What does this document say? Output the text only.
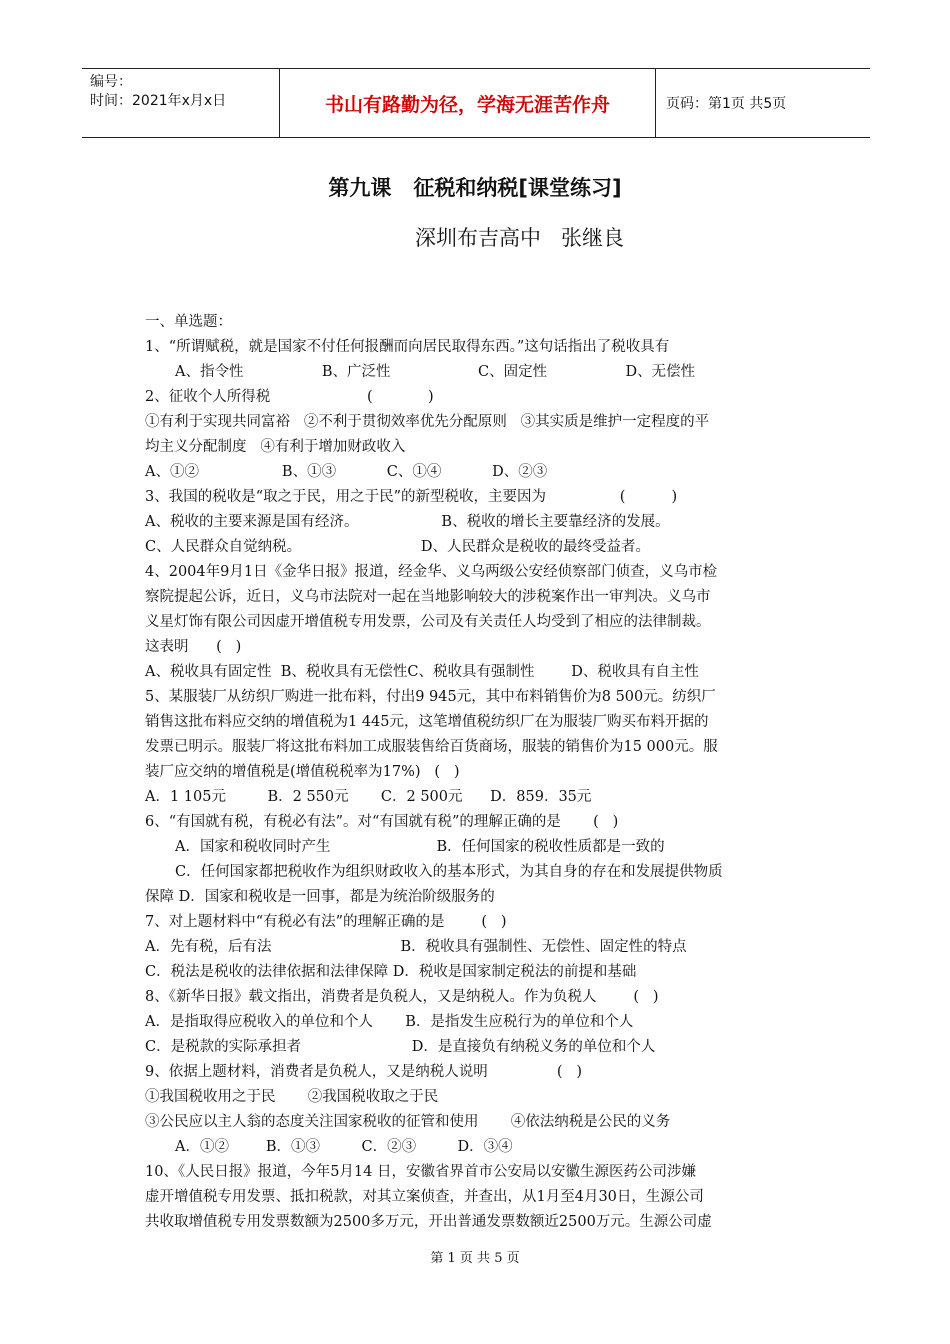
编号：
时间：2021年x月x日	书山有路勤为径，学海无涯苦作舟	页码：第1页 共5页
第九课   征税和纳税[课堂练习]
深圳布吉高中   张继良
一、单选题：
1、“所谓赋税，就是国家不付任何报酬而向居民取得东西。”这句话指出了税收具有
A、指令性                 B、广泛性                   C、固定性                 D、无偿性
2、征收个人所得税                     (            )
①有利于实现共同富裕   ②不利于贯彻效率优先分配原则   ③其实质是维护一定程度的平
均主义分配制度   ④有利于增加财政收入
A、①②                  B、①③           C、①④           D、②③
3、我国的税收是“取之于民，用之于民”的新型税收，主要因为                (          )
A、税收的主要来源是国有经济。                  B、税收的增长主要靠经济的发展。
C、人民群众自觉纳税。                          D、人民群众是税收的最终受益者。
4、2004年9月1日《金华日报》报道，经金华、义乌两级公安经侦察部门侦查，义乌市检
察院提起公诉，近日，义乌市法院对一起在当地影响较大的涉税案作出一审判决。义乌市
义星灯饰有限公司因虚开增值税专用发票，公司及有关责任人均受到了相应的法律制裁。
这表明      (   )
A、税收具有固定性  B、税收具有无偿性C、税收具有强制性        D、税收具有自主性
5、某服装厂从纺织厂购进一批布料，付出9 945元，其中布料销售价为8 500元。纺织厂
销售这批布料应交纳的增值税为1 445元，这笔增值税纺织厂在为服装厂购买布料开据的
发票已明示。服装厂将这批布料加工成服装售给百货商场，服装的销售价为15 000元。服
装厂应交纳的增值税是(增值税税率为17%)   (   )
A．1 105元         B．2 550元       C．2 500元      D．859．35元
6、“有国就有税，有税必有法”。对“有国就有税”的理解正确的是       (   )
A．国家和税收同时产生                       B．任何国家的税收性质都是一致的
C．任何国家都把税收作为组织财政收入的基本形式，为其自身的存在和发展提供物质
保障 D．国家和税收是一回事，都是为统治阶级服务的
7、对上题材料中“有税必有法”的理解正确的是        (   )
A．先有税，后有法                            B．税收具有强制性、无偿性、固定性的特点
C．税法是税收的法律依据和法律保障 D．税收是国家制定税法的前提和基础
8、《新华日报》载文指出，消费者是负税人，又是纳税人。作为负税人        (   )
A．是指取得应税收入的单位和个人       B．是指发生应税行为的单位和个人
C．是税款的实际承担者                        D．是直接负有纳税义务的单位和个人
9、依据上题材料，消费者是负税人，又是纳税人说明               (   )
①我国税收用之于民       ②我国税收取之于民
③公民应以主人翁的态度关注国家税收的征管和使用       ④依法纳税是公民的义务
A．①②        B．①③         C．②③         D．③④
10、《人民日报》报道，今年5月14 日，安徽省界首市公安局以安徽生源医药公司涉嫌
虚开增值税专用发票、抵扣税款，对其立案侦查，并查出，从1月至4月30日，生源公司
共收取增值税专用发票数额为2500多万元，开出普通发票数额近2500万元。生源公司虚
第 1 页 共 5 页
